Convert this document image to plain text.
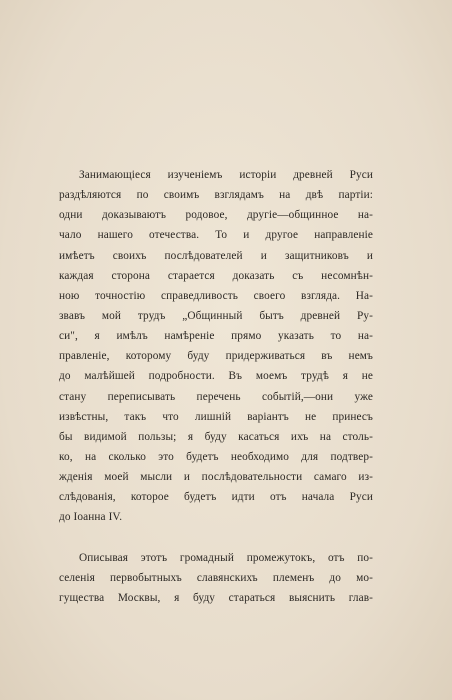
Занимающіеся изученіемъ исторіи древней Руси
раздѣляются по своимъ взглядамъ на двѣ партіи:
одни доказываютъ родовое, другіе—общинное на-
чало нашего отечества. То и другое направленіе
имѣетъ своихъ послѣдователей и защитниковъ и
каждая сторона старается доказать съ несомнѣн-
ною точностію справедливость своего взгляда. На-
звавъ мой трудъ „Общинный бытъ древней Ру-
си", я имѣлъ намѣреніе прямо указать то на-
правленіе, которому буду придерживаться въ немъ
до малѣйшей подробности. Въ моемъ трудѣ я не
стану переписывать перечень событій,—они уже
извѣстны, такъ что лишній варіантъ не принесъ
бы видимой пользы; я буду касаться ихъ на столь-
ко, на сколько это будетъ необходимо для подтвер-
жденія моей мысли и послѣдовательности самаго из-
слѣдованія, которое будетъ идти отъ начала Руси
до Іоанна IV.
Описывая этотъ громадный промежутокъ, отъ по-
селенія первобытныхъ славянскихъ племенъ до мо-
гущества Москвы, я буду стараться выяснить глав-
